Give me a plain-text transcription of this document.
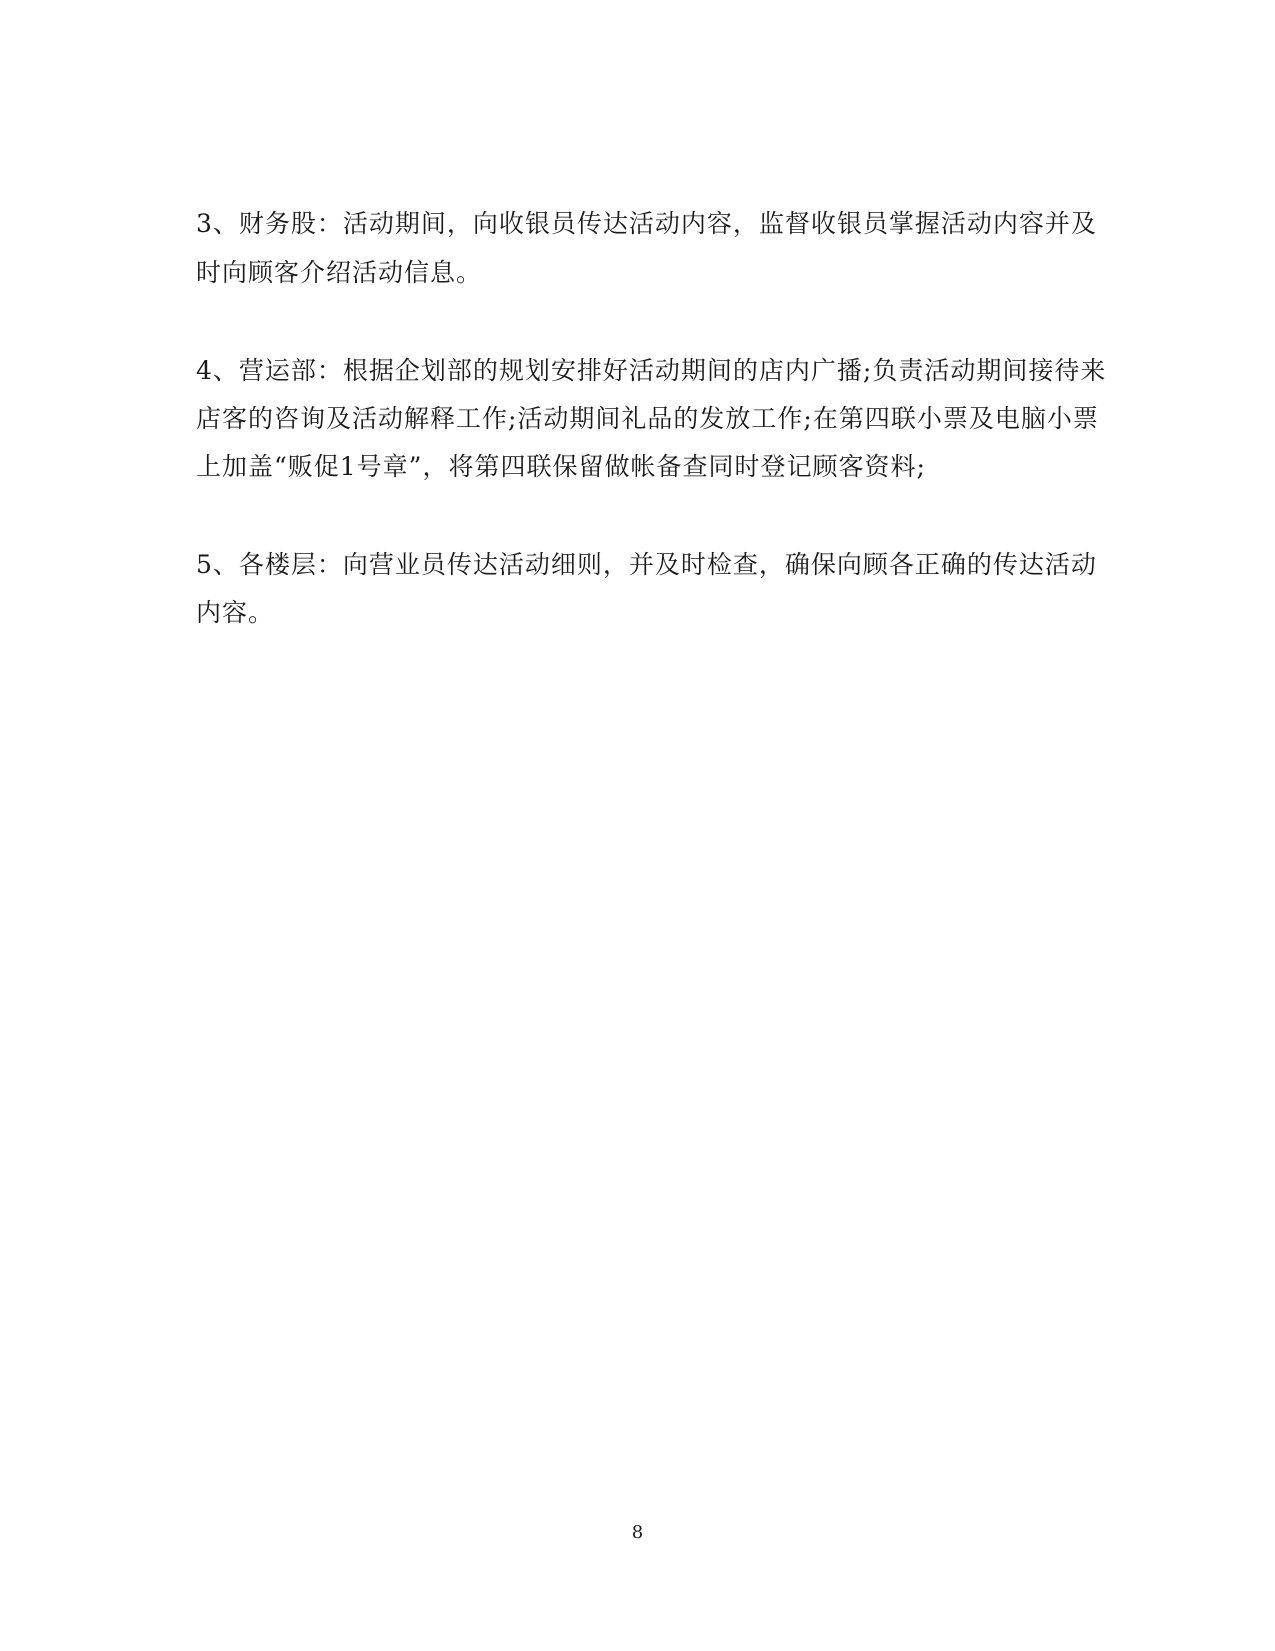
3、财务股：活动期间，向收银员传达活动内容，监督收银员掌握活动内容并及
时向顾客介绍活动信息。
4、营运部：根据企划部的规划安排好活动期间的店内广播;负责活动期间接待来
店客的咨询及活动解释工作;活动期间礼品的发放工作;在第四联小票及电脑小票
上加盖“贩促1号章”，将第四联保留做帐备查同时登记顾客资料;
5、各楼层：向营业员传达活动细则，并及时检查，确保向顾各正确的传达活动
内容。
8
